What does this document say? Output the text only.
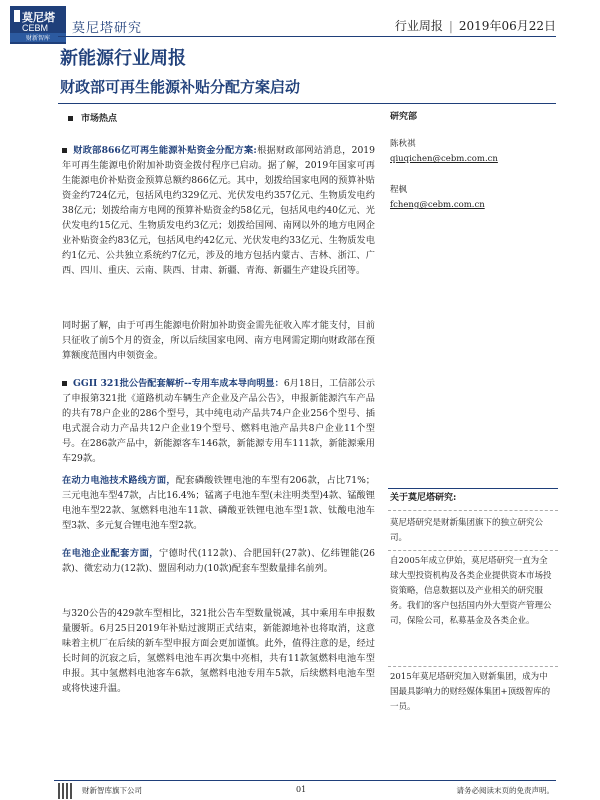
莫尼塔
CEBM
财新智库
莫尼塔研究	行业周报 | 2019年06月22日
新能源行业周报
财政部可再生能源补贴分配方案启动
市场热点
财政部866亿可再生能源补贴资金分配方案:根据财政部网站消息，2019年可再生能源电价附加补助资金拨付程序已启动。据了解，2019年国家可再生能源电价补贴资金预算总额约866亿元。其中，划拨给国家电网的预算补贴资金约724亿元，包括风电约329亿元、光伏发电约357亿元、生物质发电约38亿元；划拨给南方电网的预算补贴资金约58亿元，包括风电约40亿元、光伏发电约15亿元、生物质发电约3亿元；划拨给国网、南网以外的地方电网企业补贴资金约83亿元，包括风电约42亿元、光伏发电约33亿元、生物质发电约1亿元、公共独立系统约7亿元，涉及的地方包括内蒙古、吉林、浙江、广西、四川、重庆、云南、陕西、甘肃、新疆、青海、新疆生产建设兵团等。
同时据了解，由于可再生能源电价附加补助资金需先征收入库才能支付，目前只征收了前5个月的资金，所以后续国家电网、南方电网需定期向财政部在预算额度范围内申领资金。
GGII 321批公告配套解析--专用车成本导向明显：6月18日，工信部公示了申报第321批《道路机动车辆生产企业及产品公告》，申报新能源汽车产品的共有78户企业的286个型号，其中纯电动产品共74户企业256个型号、插电式混合动力产品共12户企业19个型号、燃料电池产品共8户企业11个型号。在286款产品中，新能源客车146款，新能源专用车111款，新能源乘用车29款。
在动力电池技术路线方面，配套磷酸铁锂电池的车型有206款，占比71%；三元电池车型47款，占比16.4%；锰离子电池车型(未注明类型)4款、锰酸锂电池车型22款、氢燃料电池车11款、磷酸亚铁锂电池车型1款、钛酸电池车型3款、多元复合锂电池车型2款。
在电池企业配套方面，宁德时代(112款)、合肥国轩(27款)、亿纬锂能(26款)、微宏动力(12款)、盟固利动力(10款)配套车型数量排名前列。
与320公告的429款车型相比，321批公告车型数量锐减，其中乘用车申报数量腰斩。6月25日2019年补贴过渡期正式结束，新能源地补也将取消，这意味着主机厂在后续的新车型申报方面会更加谨慎。此外，值得注意的是，经过长时间的沉寂之后，氢燃料电池车再次集中亮相，共有11款氢燃料电池车型申报。其中氢燃料电池客车6款，氢燃料电池专用车5款，后续燃料电池车型或将快速升温。
研究部
陈秋祺
qiuqichen@cebm.com.cn
程枫
fcheng@cebm.com.cn
关于莫尼塔研究:
莫尼塔研究是财新集团旗下的独立研究公司。
自2005年成立伊始，莫尼塔研究一直为全球大型投资机构及各类企业提供资本市场投资策略，信息数据以及产业相关的研究服务。我们的客户包括国内外大型资产管理公司，保险公司，私募基金及各类企业。
2015年莫尼塔研究加入财新集团，成为中国最具影响力的财经媒体集团+顶级智库的一员。
财新智库旗下公司	01	请务必阅读末页的免责声明。
